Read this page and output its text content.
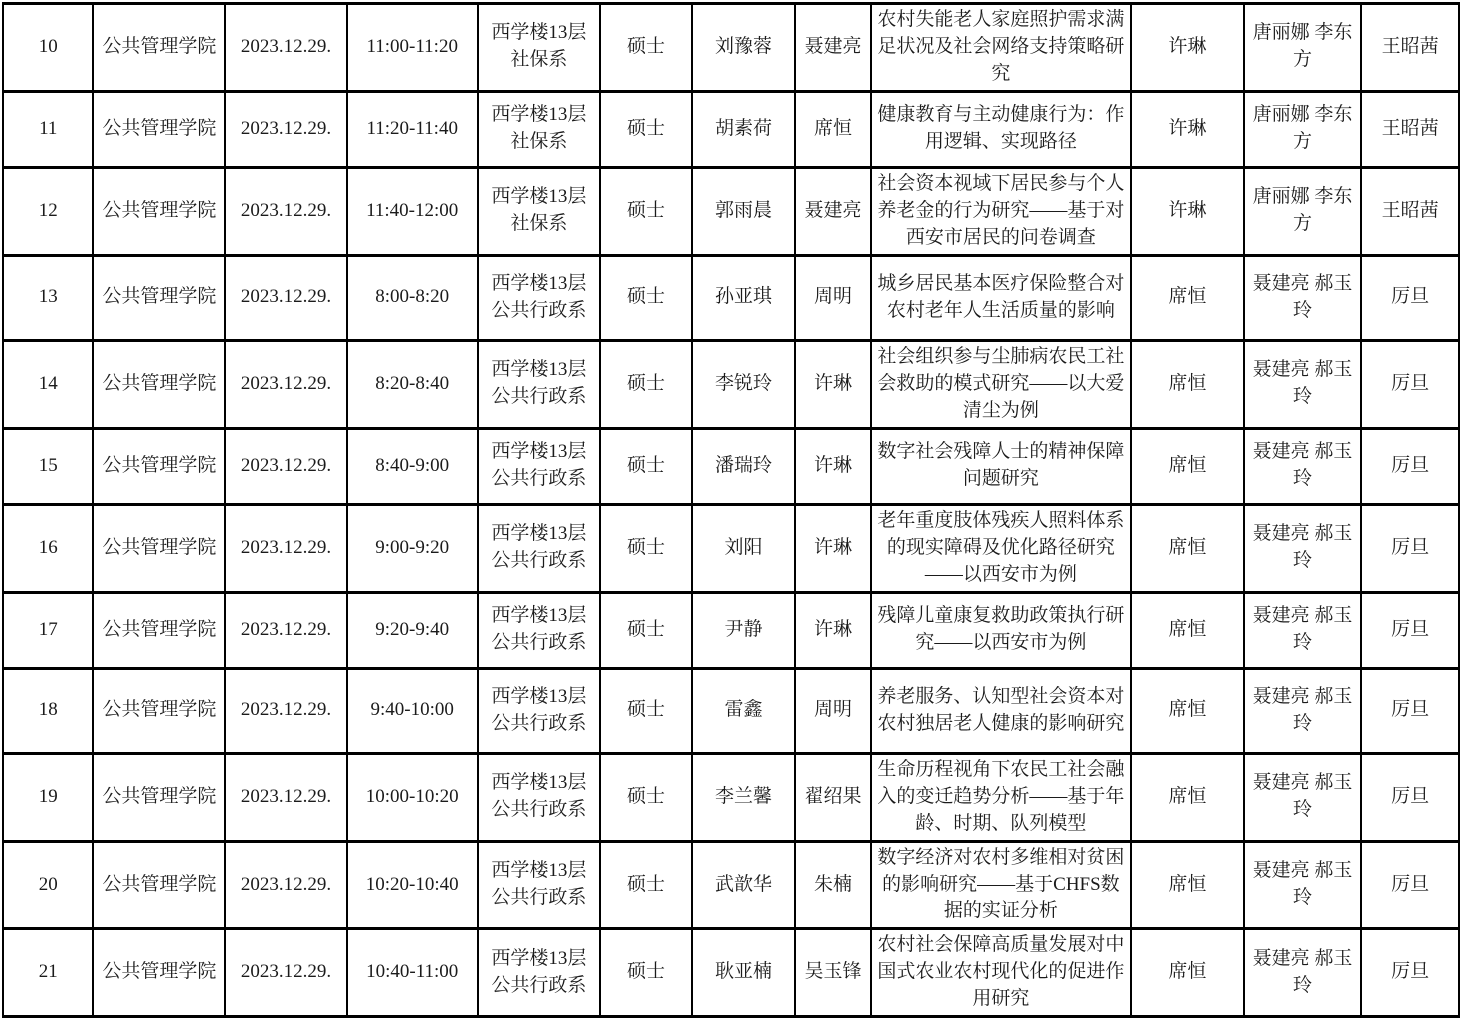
10	公共管理学院	2023.12.29.	11:00-11:20	西学楼13层社保系	硕士	刘豫蓉	聂建亮	农村失能老人家庭照护需求满足状况及社会网络支持策略研究	许琳	唐丽娜 李东方	王昭茜
11	公共管理学院	2023.12.29.	11:20-11:40	西学楼13层社保系	硕士	胡素荷	席恒	健康教育与主动健康行为：作用逻辑、实现路径	许琳	唐丽娜 李东方	王昭茜
12	公共管理学院	2023.12.29.	11:40-12:00	西学楼13层社保系	硕士	郭雨晨	聂建亮	社会资本视域下居民参与个人养老金的行为研究——基于对西安市居民的问卷调查	许琳	唐丽娜 李东方	王昭茜
13	公共管理学院	2023.12.29.	8:00-8:20	西学楼13层公共行政系	硕士	孙亚琪	周明	城乡居民基本医疗保险整合对农村老年人生活质量的影响	席恒	聂建亮 郝玉玲	厉旦
14	公共管理学院	2023.12.29.	8:20-8:40	西学楼13层公共行政系	硕士	李锐玲	许琳	社会组织参与尘肺病农民工社会救助的模式研究——以大爱清尘为例	席恒	聂建亮 郝玉玲	厉旦
15	公共管理学院	2023.12.29.	8:40-9:00	西学楼13层公共行政系	硕士	潘瑞玲	许琳	数字社会残障人士的精神保障问题研究	席恒	聂建亮 郝玉玲	厉旦
16	公共管理学院	2023.12.29.	9:00-9:20	西学楼13层公共行政系	硕士	刘阳	许琳	老年重度肢体残疾人照料体系的现实障碍及优化路径研究——以西安市为例	席恒	聂建亮 郝玉玲	厉旦
17	公共管理学院	2023.12.29.	9:20-9:40	西学楼13层公共行政系	硕士	尹静	许琳	残障儿童康复救助政策执行研究——以西安市为例	席恒	聂建亮 郝玉玲	厉旦
18	公共管理学院	2023.12.29.	9:40-10:00	西学楼13层公共行政系	硕士	雷鑫	周明	养老服务、认知型社会资本对农村独居老人健康的影响研究	席恒	聂建亮 郝玉玲	厉旦
19	公共管理学院	2023.12.29.	10:00-10:20	西学楼13层公共行政系	硕士	李兰馨	翟绍果	生命历程视角下农民工社会融入的变迁趋势分析——基于年龄、时期、队列模型	席恒	聂建亮 郝玉玲	厉旦
20	公共管理学院	2023.12.29.	10:20-10:40	西学楼13层公共行政系	硕士	武歆华	朱楠	数字经济对农村多维相对贫困的影响研究——基于CHFS数据的实证分析	席恒	聂建亮 郝玉玲	厉旦
21	公共管理学院	2023.12.29.	10:40-11:00	西学楼13层公共行政系	硕士	耿亚楠	吴玉锋	农村社会保障高质量发展对中国式农业农村现代化的促进作用研究	席恒	聂建亮 郝玉玲	厉旦
